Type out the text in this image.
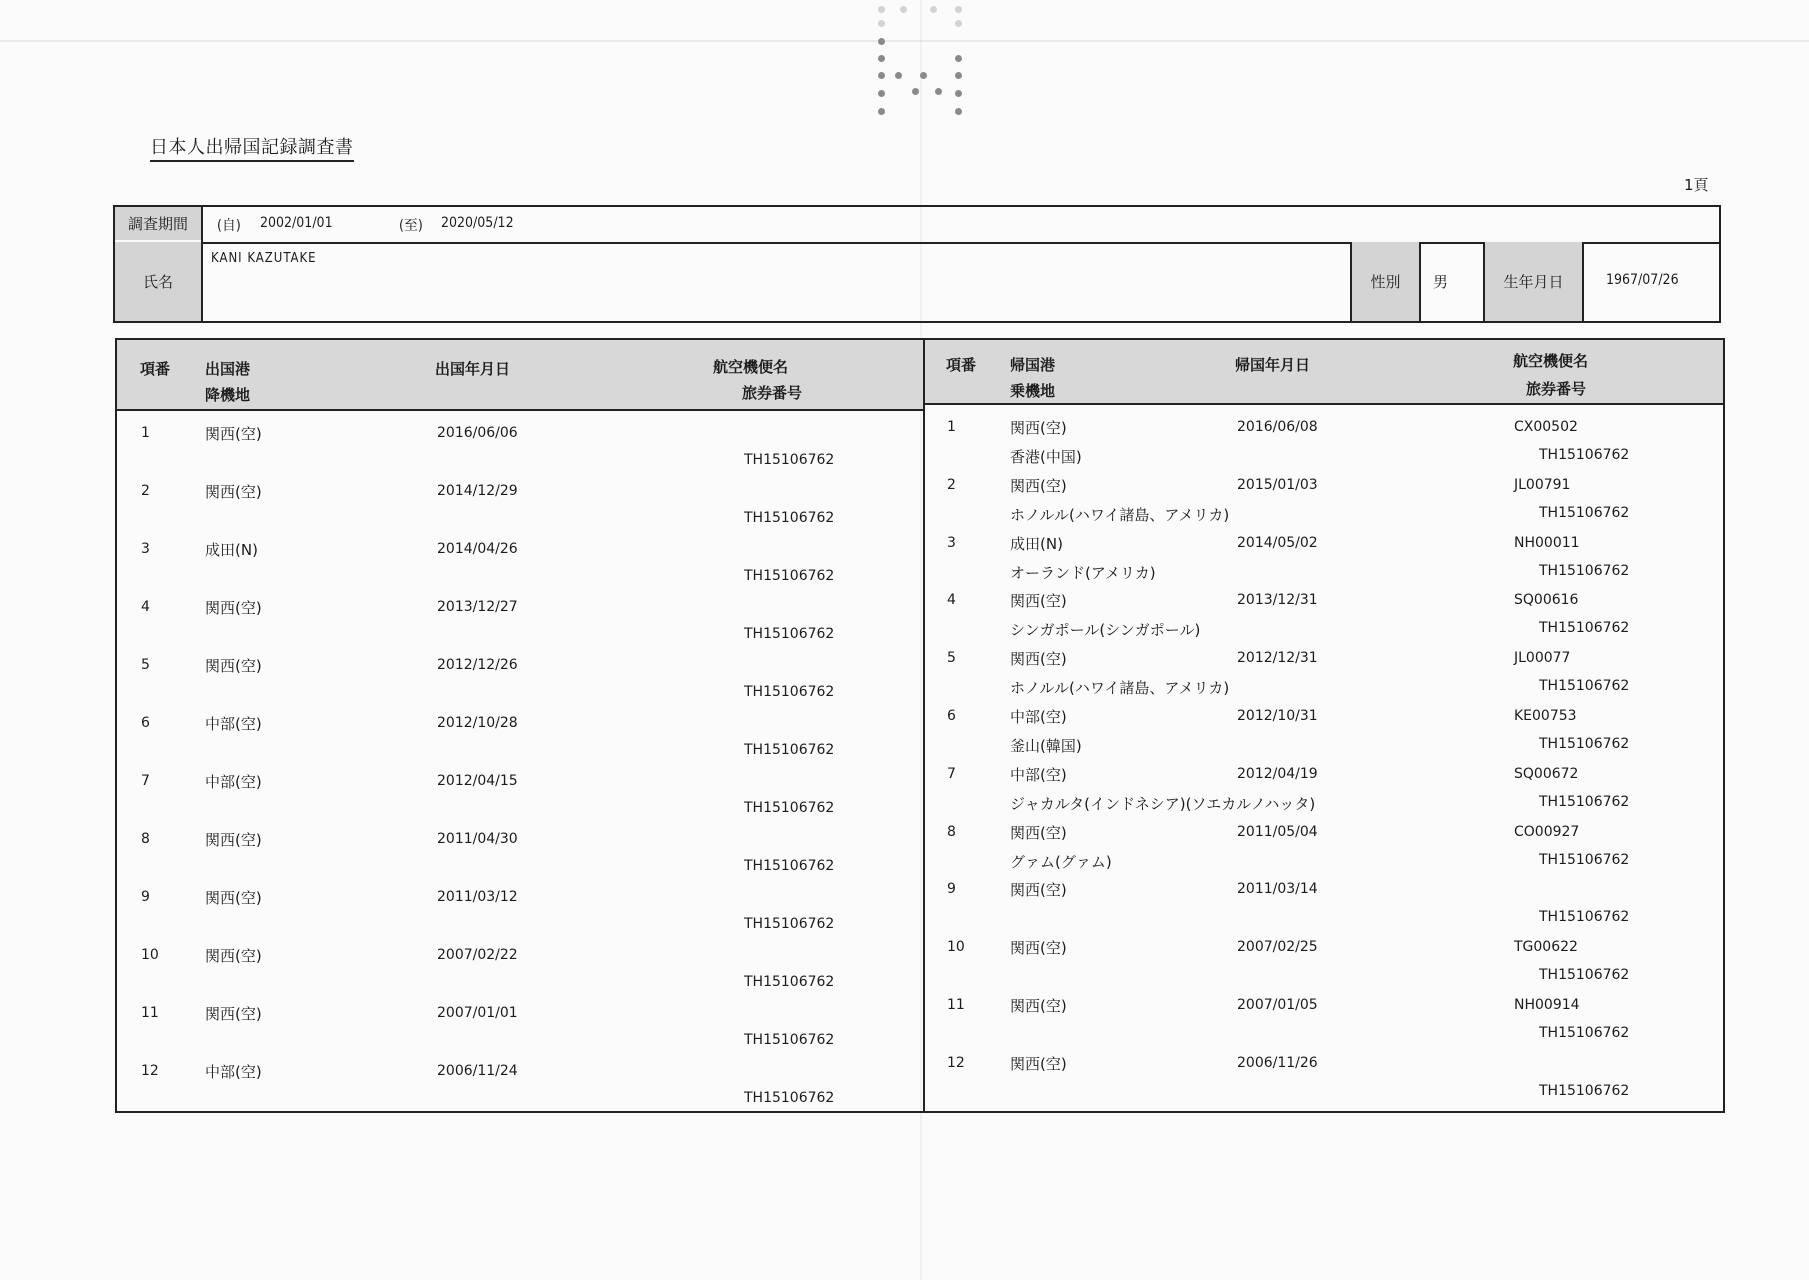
日本人出帰国記録調査書
1頁
調査期間	(自) 2002/01/01	(至) 2020/05/12
氏名
KANI KAZUTAKE
性別	男	生年月日	1967/07/26
項番 出国港
降機地
出国年月日	航空機便名
旅券番号
1	関西(空)	2016/06/06
TH15106762
2	関西(空)	2014/12/29
TH15106762
3	成田(N)	2014/04/26
TH15106762
4	関西(空)	2013/12/27
TH15106762
5	関西(空)	2012/12/26
TH15106762
6	中部(空)	2012/10/28
TH15106762
7	中部(空)	2012/04/15
TH15106762
8	関西(空)	2011/04/30
TH15106762
9	関西(空)	2011/03/12
TH15106762
10	関西(空)	2007/02/22
TH15106762
11	関西(空)	2007/01/01
TH15106762
12	中部(空)	2006/11/24
TH15106762
項番 帰国港
乗機地
帰国年月日	航空機便名
旅券番号
1	関西(空)	2016/06/08	CX00502
香港(中国)	TH15106762
2	関西(空)	2015/01/03	JL00791
ホノルル(ハワイ諸島、アメリカ)	TH15106762
3	成田(N)	2014/05/02	NH00011
オーランド(アメリカ)	TH15106762
4	関西(空)	2013/12/31	SQ00616
シンガポール(シンガポール)	TH15106762
5	関西(空)	2012/12/31	JL00077
ホノルル(ハワイ諸島、アメリカ)	TH15106762
6	中部(空)	2012/10/31	KE00753
釜山(韓国)	TH15106762
7	中部(空)	2012/04/19	SQ00672
ジャカルタ(インドネシア)(ソエカルノハッタ)	TH15106762
8	関西(空)	2011/05/04	CO00927
グァム(グァム)	TH15106762
9	関西(空)	2011/03/14
TH15106762
10	関西(空)	2007/02/25	TG00622
TH15106762
11	関西(空)	2007/01/05	NH00914
TH15106762
12	関西(空)	2006/11/26
TH15106762
